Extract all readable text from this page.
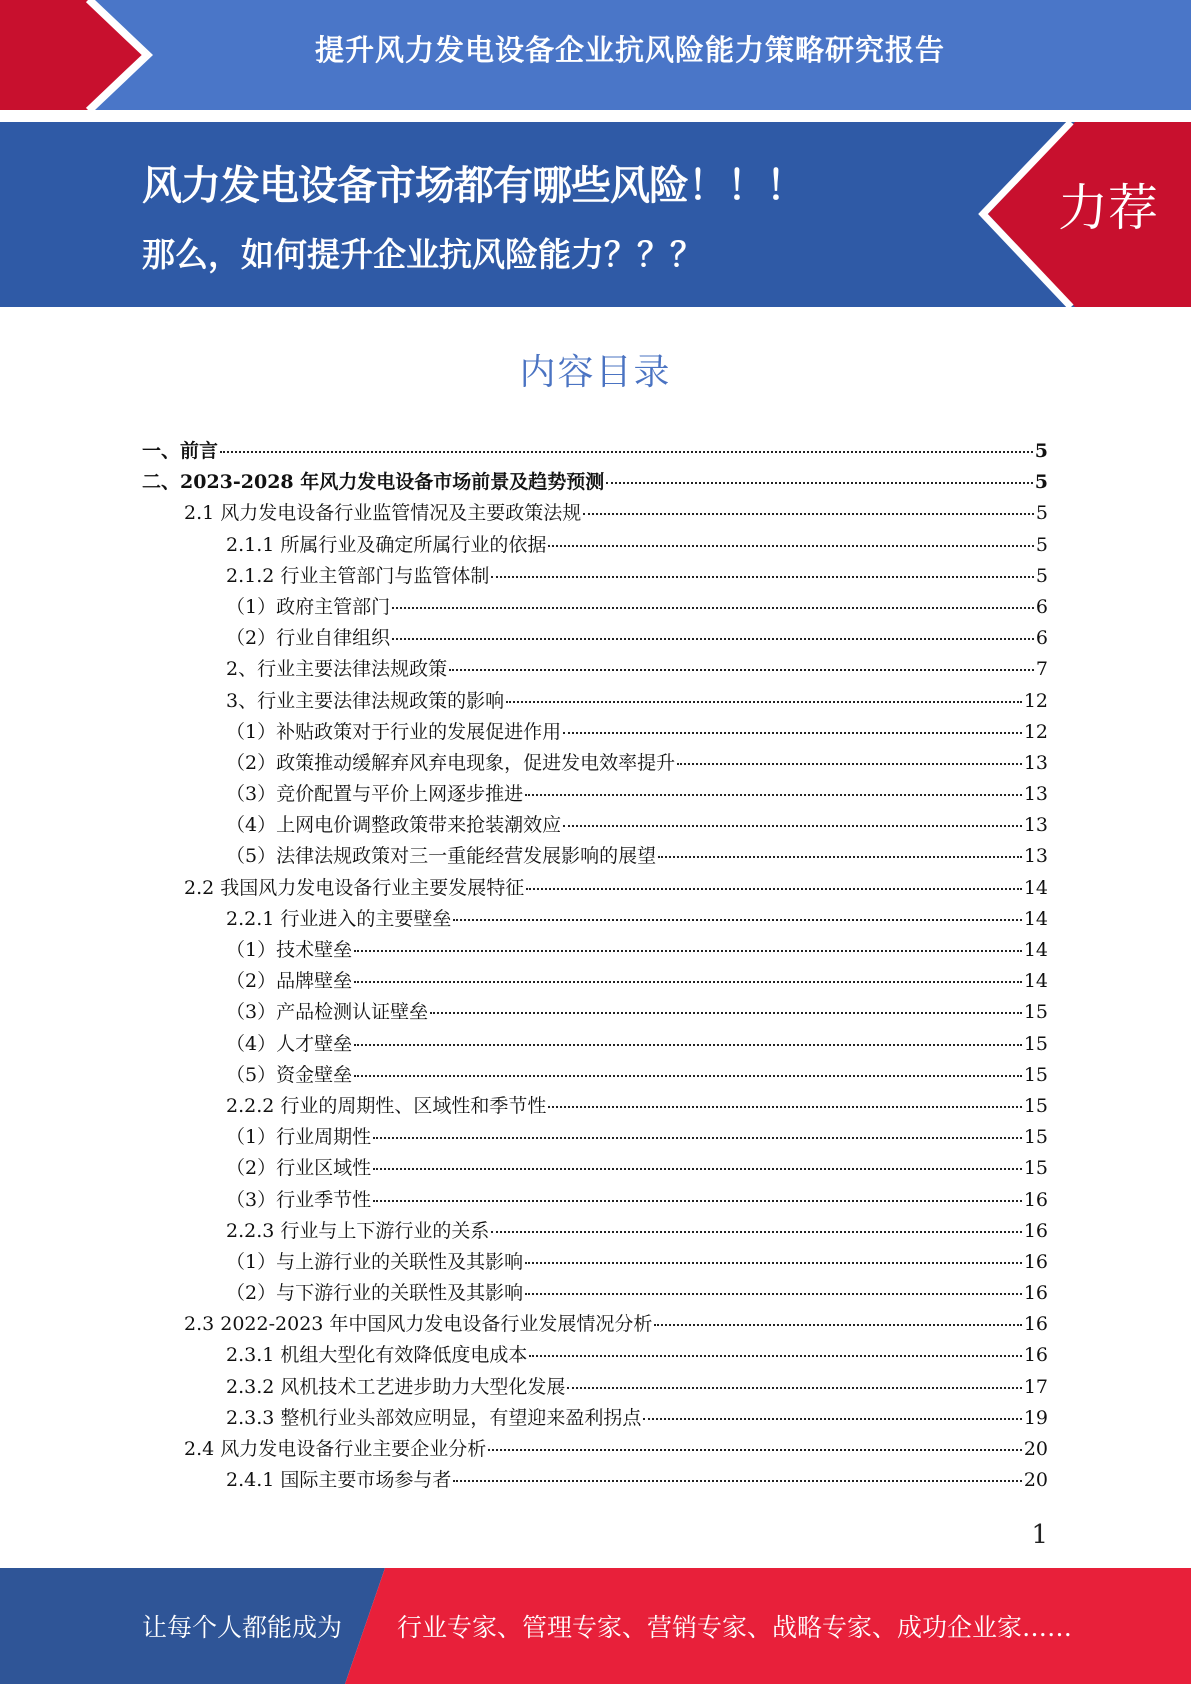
提升风力发电设备企业抗风险能力策略研究报告
风力发电设备市场都有哪些风险！！！
那么，如何提升企业抗风险能力？？？
力荐
内容目录
一、前言	5
二、2023-2028 年风力发电设备市场前景及趋势预测	5
2.1 风力发电设备行业监管情况及主要政策法规	5
2.1.1 所属行业及确定所属行业的依据	5
2.1.2 行业主管部门与监管体制	5
（1）政府主管部门	6
（2）行业自律组织	6
2、行业主要法律法规政策	7
3、行业主要法律法规政策的影响	12
（1）补贴政策对于行业的发展促进作用	12
（2）政策推动缓解弃风弃电现象，促进发电效率提升	13
（3）竞价配置与平价上网逐步推进	13
（4）上网电价调整政策带来抢装潮效应	13
（5）法律法规政策对三一重能经营发展影响的展望	13
2.2 我国风力发电设备行业主要发展特征	14
2.2.1 行业进入的主要壁垒	14
（1）技术壁垒	14
（2）品牌壁垒	14
（3）产品检测认证壁垒	15
（4）人才壁垒	15
（5）资金壁垒	15
2.2.2 行业的周期性、区域性和季节性	15
（1）行业周期性	15
（2）行业区域性	15
（3）行业季节性	16
2.2.3 行业与上下游行业的关系	16
（1）与上游行业的关联性及其影响	16
（2）与下游行业的关联性及其影响	16
2.3 2022-2023 年中国风力发电设备行业发展情况分析	16
2.3.1 机组大型化有效降低度电成本	16
2.3.2 风机技术工艺进步助力大型化发展	17
2.3.3 整机行业头部效应明显，有望迎来盈利拐点	19
2.4 风力发电设备行业主要企业分析	20
2.4.1 国际主要市场参与者	20
1
让每个人都能成为 行业专家、管理专家、营销专家、战略专家、成功企业家……
